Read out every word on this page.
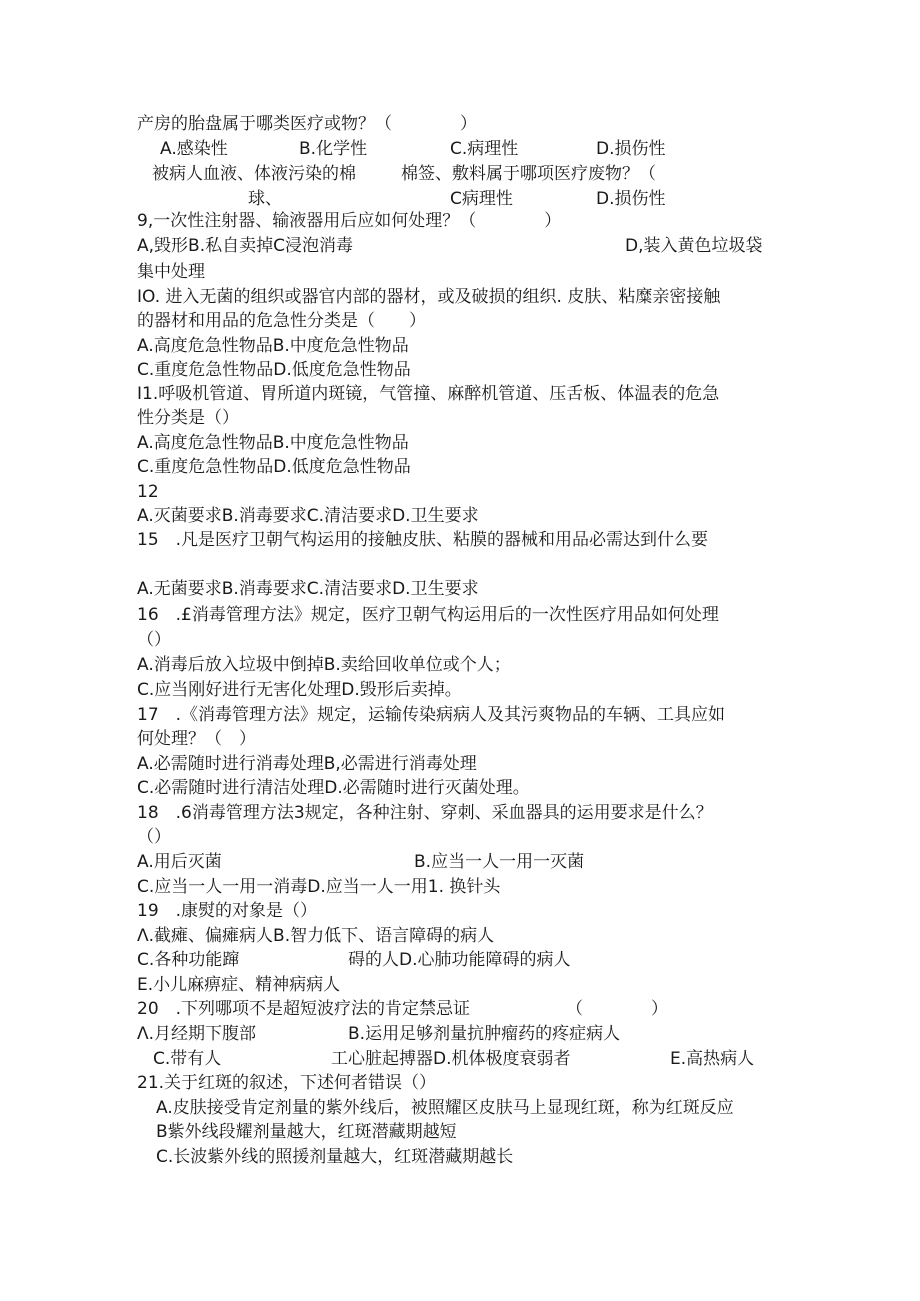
产房的胎盘属于哪类医疗或物？（　　　　）
A.感染性	B.化学性	C.病理性	D.损伤性
被病人血液、体液污染的棉	棉签、敷料属于哪项医疗废物？（
球、	C病理性	D.损伤性
9,一次性注射器、输液器用后应如何处理？（　　　　）
A,毁形B.私自卖掉C浸泡消毒	D,装入黄色垃圾袋
集中处理
IO. 进入无菌的组织或器官内部的器材，或及破损的组织. 皮肤、粘糜亲密接触
的器材和用品的危急性分类是（　　）
A.高度危急性物品B.中度危急性物品
C.重度危急性物品D.低度危急性物品
I1.呼吸机管道、胃所道内斑镜，气管撞、麻醉机管道、压舌板、体温表的危急
性分类是（）
A.高度危急性物品B.中度危急性物品
C.重度危急性物品D.低度危急性物品
12
A.灭菌要求B.消毒要求C.清洁要求D.卫生要求
15　.凡是医疗卫朝气构运用的接触皮肤、粘膜的器械和用品必需达到什么要
A.无菌要求B.消毒要求C.清洁要求D.卫生要求
16　.£消毒管理方法》规定，医疗卫朝气构运用后的一次性医疗用品如何处理
（）
A.消毒后放入垃圾中倒掉B.卖给回收单位或个人；
C.应当刚好进行无害化处理D.毁形后卖掉。
17　.《消毒管理方法》规定，运输传染病病人及其污爽物品的车辆、工具应如
何处理？（　）
A.必需随时进行消毒处理B,必需进行消毒处理
C.必需随时进行清洁处理D.必需随时进行灭菌处理。
18　.6消毒管理方法3规定，各种注射、穿刺、采血器具的运用要求是什么？
（）
A.用后灭菌	B.应当一人一用一灭菌
C.应当一人一用一消毒D.应当一人一用1. 换针头
19　.康熨的对象是（）
Λ.截瘫、偏瘫病人B.智力低下、语言障碍的病人
C.各种功能蹿	碍的人D.心肺功能障碍的病人
E.小儿麻痹症、精神病病人
20　.下列哪项不是超短波疗法的肯定禁忌证	（　　　　）
Λ.月经期下腹部	B.运用足够剂量抗肿瘤药的疼症病人
C.带有人	工心脏起搏器D.机体极度衰弱者	E.高热病人
21.关于红斑的叙述，下述何者错误（）
A.皮肤接受肯定剂量的紫外线后，被照耀区皮肤马上显现红斑，称为红斑反应
B紫外线段耀剂量越大，红斑潜藏期越短
C.长波紫外线的照援剂量越大，红斑潜藏期越长
